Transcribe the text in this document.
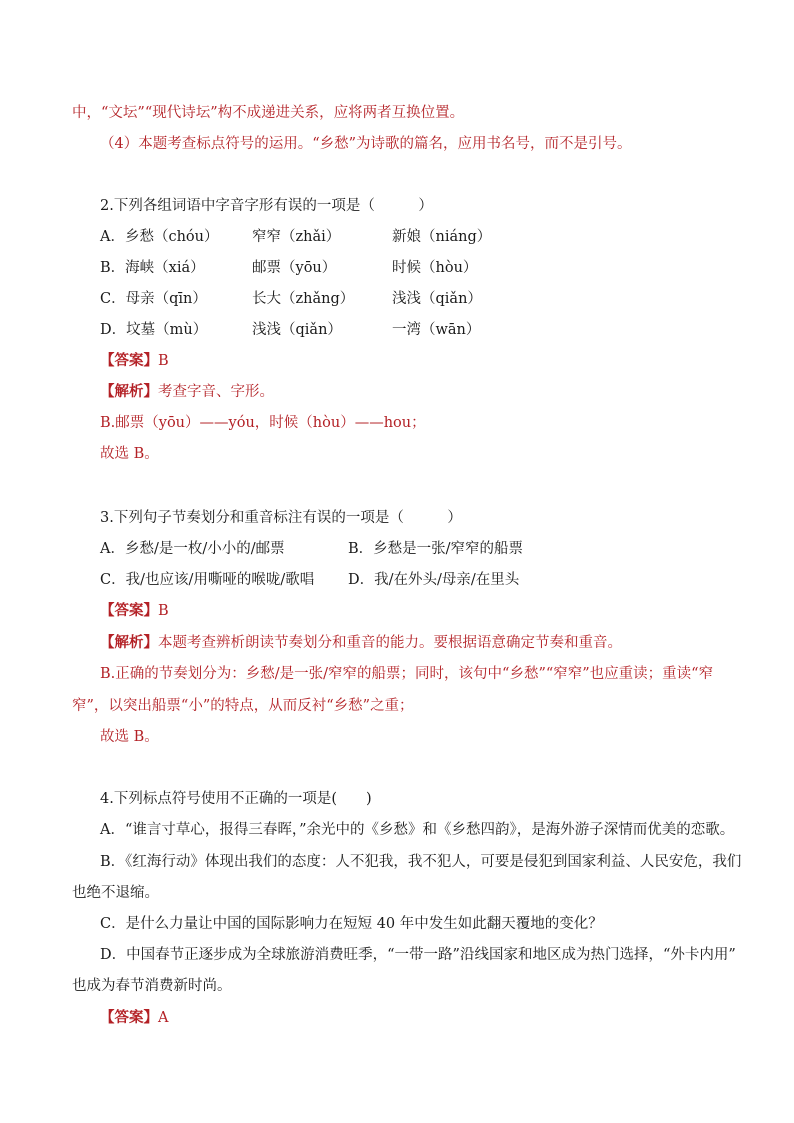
中，“文坛”“现代诗坛”构不成递进关系，应将两者互换位置。
（4）本题考查标点符号的运用。“乡愁”为诗歌的篇名，应用书名号，而不是引号。
2.下列各组词语中字音字形有误的一项是（　　　）
A．乡愁（chóu） 窄窄（zhǎi）	新娘（niáng）
B．海峡（xiá）	邮票（yōu）	时候（hòu）
C．母亲（qīn）	长大（zhǎng）	浅浅（qiǎn）
D．坟墓（mù）	浅浅（qiǎn）	一湾（wān）
【答案】B
【解析】考查字音、字形。
B.邮票（yōu）——yóu，时候（hòu）——hou；
故选 B。
3.下列句子节奏划分和重音标注有误的一项是（　　　）
A．乡愁/是一枚/小小的/邮票	B．乡愁是一张/窄窄的船票
C．我/也应该/用嘶哑的喉咙/歌唱 D．我/在外头/母亲/在里头
【答案】B
【解析】本题考查辨析朗读节奏划分和重音的能力。要根据语意确定节奏和重音。
B.正确的节奏划分为：乡愁/是一张/窄窄的船票；同时，该句中“乡愁”“窄窄”也应重读；重读“窄
窄”，以突出船票“小”的特点，从而反衬“乡愁”之重；
故选 B。
4.下列标点符号使用不正确的一项是(　　)
A．“谁言寸草心，报得三春晖，”余光中的《乡愁》和《乡愁四韵》，是海外游子深情而优美的恋歌。
B．《红海行动》体现出我们的态度：人不犯我，我不犯人，可要是侵犯到国家利益、人民安危，我们
也绝不退缩。
C．是什么力量让中国的国际影响力在短短 40 年中发生如此翻天覆地的变化？
D．中国春节正逐步成为全球旅游消费旺季，“一带一路”沿线国家和地区成为热门选择，“外卡内用”
也成为春节消费新时尚。
【答案】A
